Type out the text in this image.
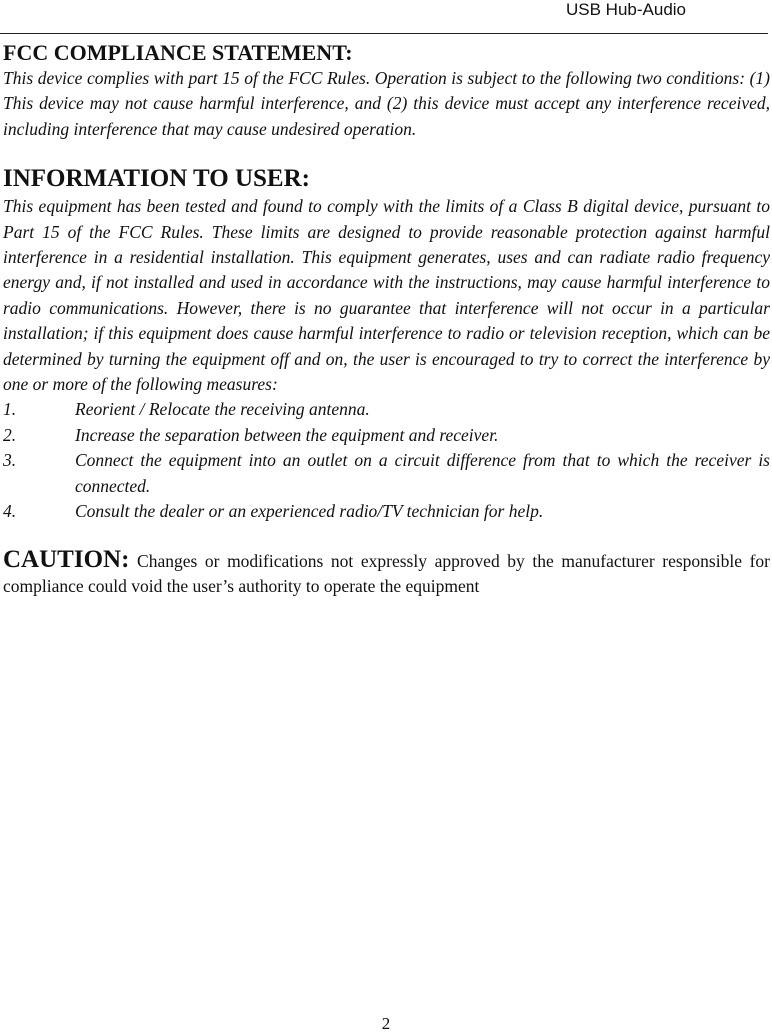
USB Hub-Audio
FCC COMPLIANCE STATEMENT:

This device complies with part 15 of the FCC Rules. Operation is subject to the following two conditions: (1) This device may not cause harmful interference, and (2) this device must accept any interference received, including interference that may cause undesired operation.

INFORMATION TO USER:

This equipment has been tested and found to comply with the limits of a Class B digital device, pursuant to Part 15 of the FCC Rules. These limits are designed to provide reasonable protection against harmful interference in a residential installation. This equipment generates, uses and can radiate radio frequency energy and, if not installed and used in accordance with the instructions, may cause harmful interference to radio communications. However, there is no guarantee that interference will not occur in a particular installation; if this equipment does cause harmful interference to radio or television reception, which can be determined by turning the equipment off and on, the user is encouraged to try to correct the interference by one or more of the following measures:

1.	Reorient / Relocate the receiving antenna.
2.	Increase the separation between the equipment and receiver.
3.	Connect the equipment into an outlet on a circuit difference from that to which the receiver is connected.
4.	Consult the dealer or an experienced radio/TV technician for help.

CAUTION: Changes or modifications not expressly approved by the manufacturer responsible for compliance could void the user’s authority to operate the equipment

2
